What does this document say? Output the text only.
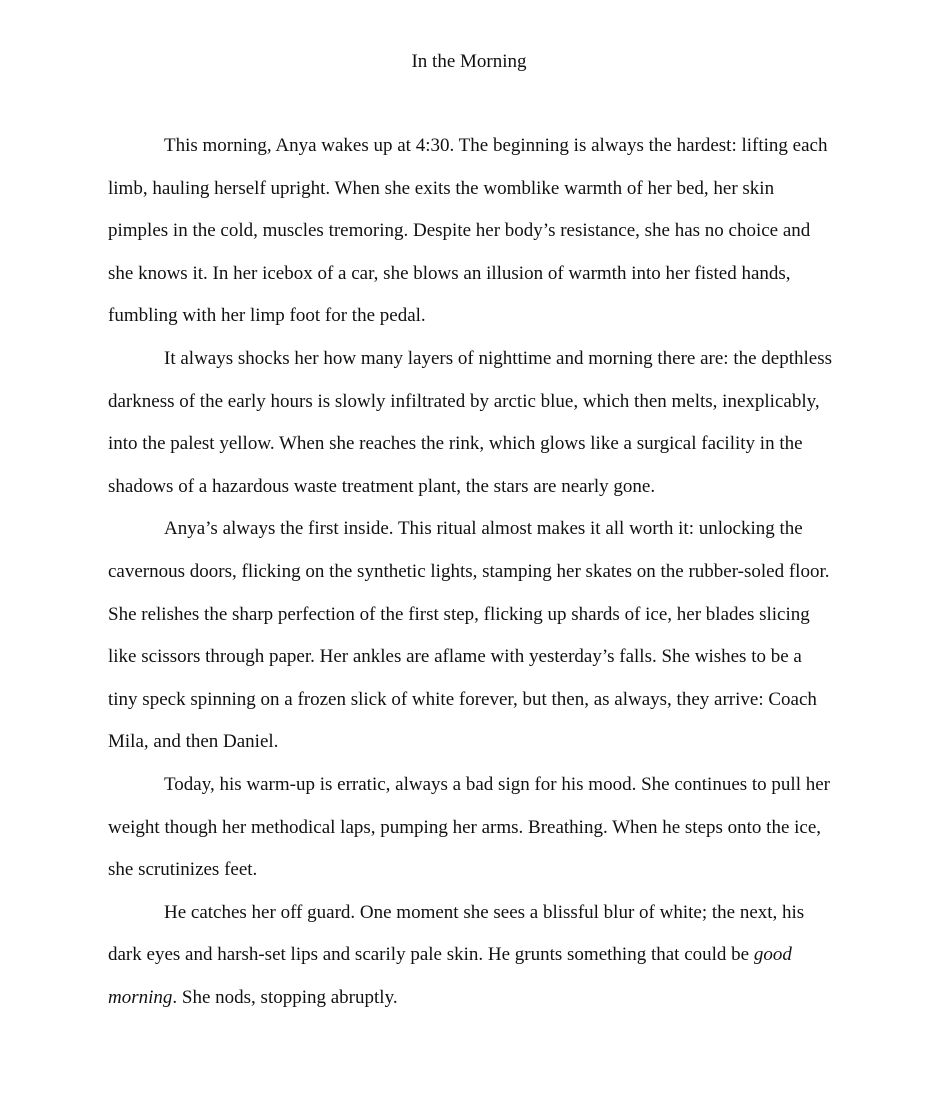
In the Morning

This morning, Anya wakes up at 4:30. The beginning is always the hardest: lifting each limb, hauling herself upright. When she exits the womblike warmth of her bed, her skin pimples in the cold, muscles tremoring. Despite her body’s resistance, she has no choice and she knows it. In her icebox of a car, she blows an illusion of warmth into her fisted hands, fumbling with her limp foot for the pedal.

It always shocks her how many layers of nighttime and morning there are: the depthless darkness of the early hours is slowly infiltrated by arctic blue, which then melts, inexplicably, into the palest yellow. When she reaches the rink, which glows like a surgical facility in the shadows of a hazardous waste treatment plant, the stars are nearly gone.

Anya’s always the first inside. This ritual almost makes it all worth it: unlocking the cavernous doors, flicking on the synthetic lights, stamping her skates on the rubber-soled floor. She relishes the sharp perfection of the first step, flicking up shards of ice, her blades slicing like scissors through paper. Her ankles are aflame with yesterday’s falls. She wishes to be a tiny speck spinning on a frozen slick of white forever, but then, as always, they arrive: Coach Mila, and then Daniel.

Today, his warm-up is erratic, always a bad sign for his mood. She continues to pull her weight though her methodical laps, pumping her arms. Breathing. When he steps onto the ice, she scrutinizes feet.

He catches her off guard. One moment she sees a blissful blur of white; the next, his dark eyes and harsh-set lips and scarily pale skin. He grunts something that could be good morning. She nods, stopping abruptly.
